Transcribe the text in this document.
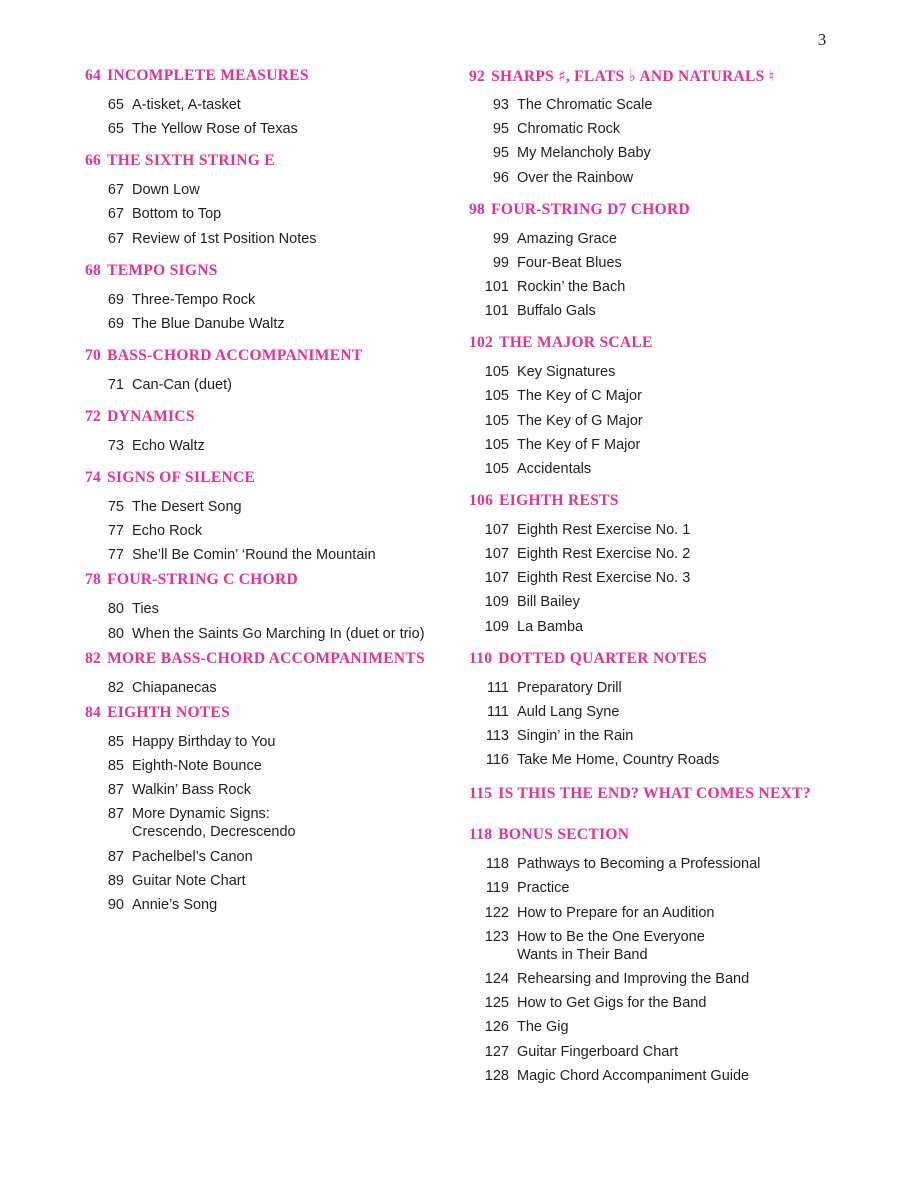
3
64 INCOMPLETE MEASURES
65 A-tisket, A-tasket
65 The Yellow Rose of Texas
66 THE SIXTH STRING E
67 Down Low
67 Bottom to Top
67 Review of 1st Position Notes
68 TEMPO SIGNS
69 Three-Tempo Rock
69 The Blue Danube Waltz
70 BASS-CHORD ACCOMPANIMENT
71 Can-Can (duet)
72 DYNAMICS
73 Echo Waltz
74 SIGNS OF SILENCE
75 The Desert Song
77 Echo Rock
77 She’ll Be Comin’ ‘Round the Mountain
78 FOUR-STRING C CHORD
80 Ties
80 When the Saints Go Marching In (duet or trio)
82 MORE BASS-CHORD ACCOMPANIMENTS
82 Chiapanecas
84 EIGHTH NOTES
85 Happy Birthday to You
85 Eighth-Note Bounce
87 Walkin’ Bass Rock
87 More Dynamic Signs:
Crescendo, Decrescendo
87 Pachelbel’s Canon
89 Guitar Note Chart
90 Annie’s Song
92 SHARPS ♯, FLATS ♭ AND NATURALS ♮
93 The Chromatic Scale
95 Chromatic Rock
95 My Melancholy Baby
96 Over the Rainbow
98 FOUR-STRING D7 CHORD
99 Amazing Grace
99 Four-Beat Blues
101 Rockin’ the Bach
101 Buffalo Gals
102 THE MAJOR SCALE
105 Key Signatures
105 The Key of C Major
105 The Key of G Major
105 The Key of F Major
105 Accidentals
106 EIGHTH RESTS
107 Eighth Rest Exercise No. 1
107 Eighth Rest Exercise No. 2
107 Eighth Rest Exercise No. 3
109 Bill Bailey
109 La Bamba
110 DOTTED QUARTER NOTES
111 Preparatory Drill
111 Auld Lang Syne
113 Singin’ in the Rain
116 Take Me Home, Country Roads
115 IS THIS THE END? WHAT COMES NEXT?
118 BONUS SECTION
118 Pathways to Becoming a Professional
119 Practice
122 How to Prepare for an Audition
123 How to Be the One Everyone
Wants in Their Band
124 Rehearsing and Improving the Band
125 How to Get Gigs for the Band
126 The Gig
127 Guitar Fingerboard Chart
128 Magic Chord Accompaniment Guide
